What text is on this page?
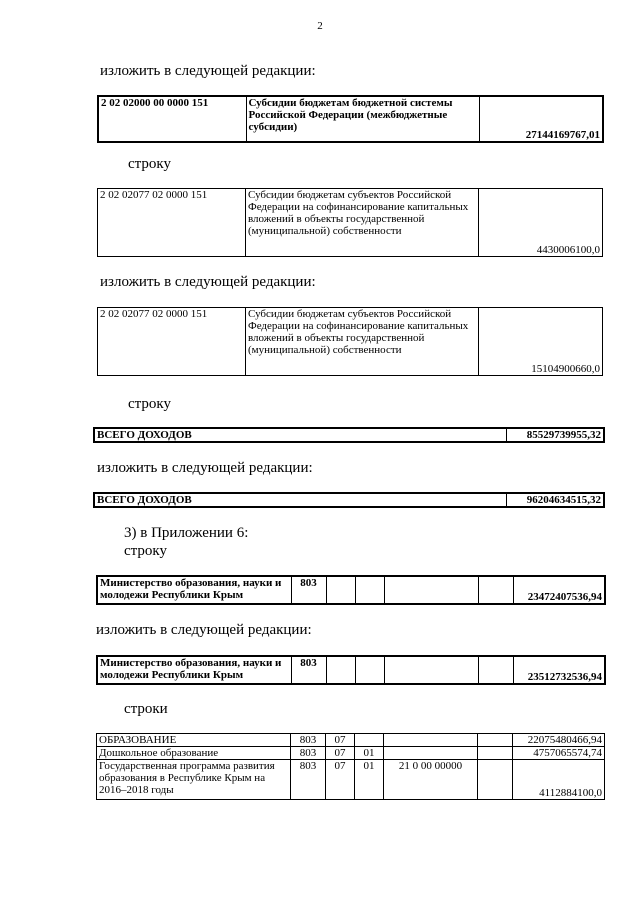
2
изложить в следующей редакции:
2 02 02000 00 0000 151	Субсидии бюджетам бюджетной системы Российской Федерации (межбюджетные субсидии)	27144169767,01
строку
2 02 02077 02 0000 151	Субсидии бюджетам субъектов Российской Федерации на софинансирование капитальных вложений в объекты государственной (муниципальной) собственности	4430006100,0
изложить в следующей редакции:
2 02 02077 02 0000 151	Субсидии бюджетам субъектов Российской Федерации на софинансирование капитальных вложений в объекты государственной (муниципальной) собственности	15104900660,0
строку
ВСЕГО ДОХОДОВ	85529739955,32
изложить в следующей редакции:
ВСЕГО ДОХОДОВ	96204634515,32
3) в Приложении 6:
строку
Министерство образования, науки и молодежи Республики Крым	803					23472407536,94
изложить в следующей редакции:
Министерство образования, науки и молодежи Республики Крым	803					23512732536,94
строки
ОБРАЗОВАНИЕ	803	07				22075480466,94
Дошкольное образование	803	07	01			4757065574,74
Государственная программа развития образования в Республике Крым на 2016–2018 годы	803	07	01	21 0 00 00000		4112884100,0
